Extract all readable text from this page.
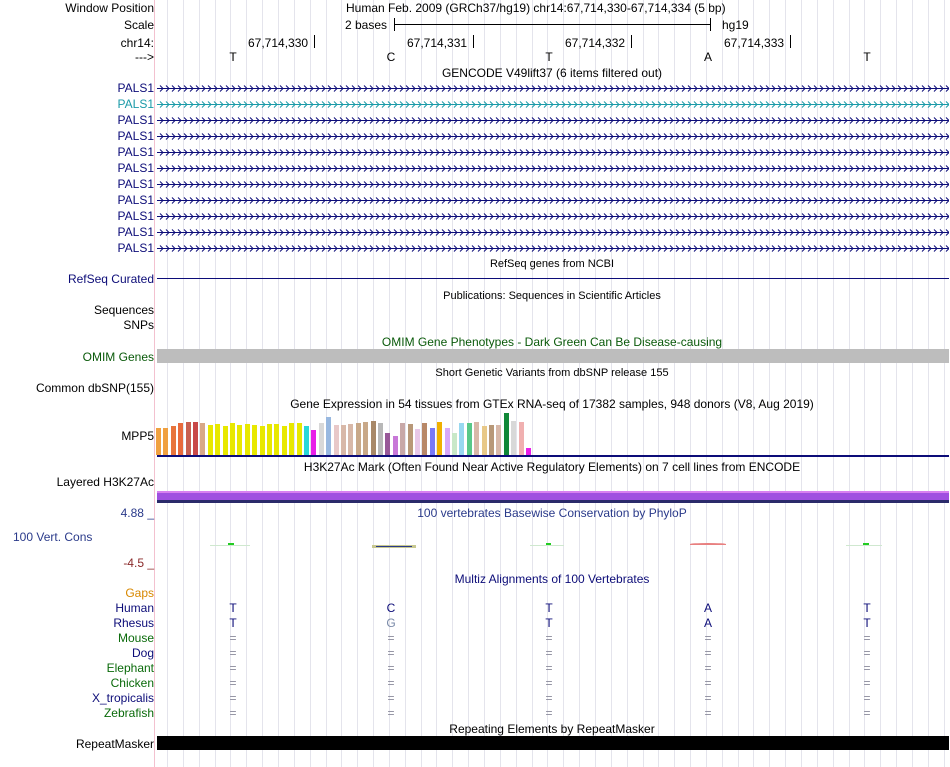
Window Position	Human Feb. 2009 (GRCh37/hg19) chr14:67,714,330-67,714,334 (5 bp)
Scale	2 bases	hg19
chr14:	67,714,330	67,714,331	67,714,332	67,714,333
--->	T	C	T	A	T
GENCODE V49lift37 (6 items filtered out)
PALS1
PALS1
PALS1
PALS1
PALS1
PALS1
PALS1
PALS1
PALS1
PALS1
PALS1
RefSeq genes from NCBI
RefSeq Curated
Publications: Sequences in Scientific Articles
Sequences
SNPs
OMIM Gene Phenotypes - Dark Green Can Be Disease-causing
OMIM Genes
Short Genetic Variants from dbSNP release 155
Common dbSNP(155)
Gene Expression in 54 tissues from GTEx RNA-seq of 17382 samples, 948 donors (V8, Aug 2019)
MPP5
H3K27Ac Mark (Often Found Near Active Regulatory Elements) on 7 cell lines from ENCODE
Layered H3K27Ac
100 vertebrates Basewise Conservation by PhyloP
4.88 _
100 Vert. Cons
-4.5 _
Multiz Alignments of 100 Vertebrates
Gaps
Human	T	C	T	A	T
Rhesus	T	G	T	A	T
Mouse	=	=	=	=	=
Dog	=	=	=	=	=
Elephant	=	=	=	=	=
Chicken	=	=	=	=	=
X_tropicalis	=	=	=	=	=
Zebrafish	=	=	=	=	=
Repeating Elements by RepeatMasker
RepeatMasker
